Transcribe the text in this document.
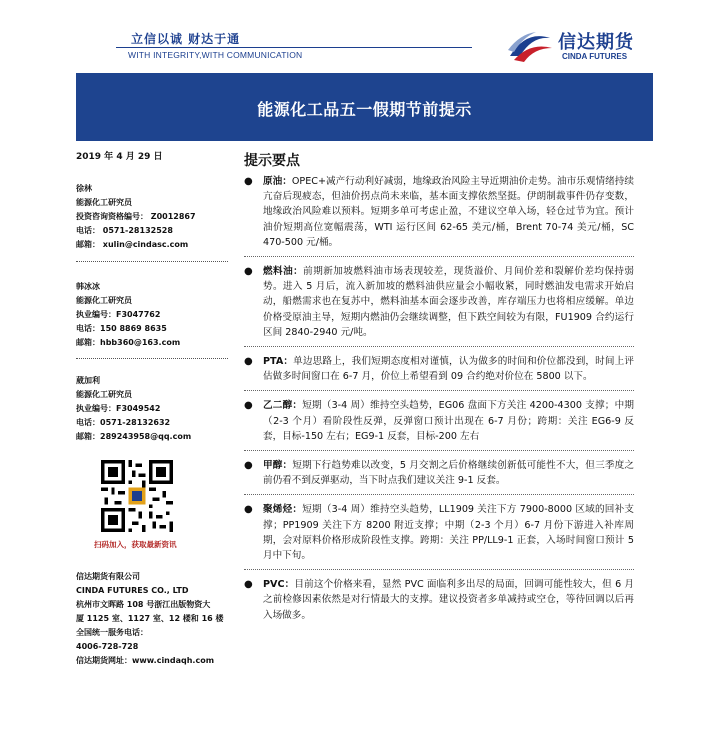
立信以诚 财达于通
WITH INTEGRITY,WITH COMMUNICATION
信达期货
CINDA FUTURES
能源化工品五一假期节前提示
2019 年 4 月 29 日
徐林
能源化工研究员
投资咨询资格编号： Z0012867
电话： 0571-28132528
邮箱： xulin@cindasc.com
韩冰冰
能源化工研究员
执业编号：F3047762
电话：150 8869 8635
邮箱：hbb360@163.com
葳加利
能源化工研究员
执业编号：F3049542
电话：0571-28132632
邮箱：289243958@qq.com
扫码加入，获取最新资讯
信达期货有限公司
CINDA FUTURES CO., LTD
杭州市文晖路 108 号浙江出版物资大
厦 1125 室、1127 室、12 楼和 16 楼
全国统一服务电话：
4006-728-728
信达期货网址：www.cindaqh.com
提示要点
●	原油：OPEC+减产行动利好减弱，地缘政治风险主导近期油价走势。油市乐观情绪持续亢奋后现疲态，但油价拐点尚未来临，基本面支撑依然坚挺。伊朗制裁事件仍存变数，地缘政治风险难以预料。短期多单可考虑止盈，不建议空单入场，轻仓过节为宜。预计油价短期高位宽幅震荡，WTI 运行区间 62-65 美元/桶，Brent 70-74 美元/桶，SC 470-500 元/桶。
●	燃料油：前期新加坡燃料油市场表现较差，现货溢价、月间价差和裂解价差均保持弱势。进入 5 月后，流入新加坡的燃料油供应量会小幅收紧，同时燃油发电需求开始启动，船燃需求也在复苏中，燃料油基本面会逐步改善，库存端压力也将相应缓解。单边价格受原油主导，短期内燃油仍会继续调整，但下跌空间较为有限，FU1909 合约运行区间 2840-2940 元/吨。
●	PTA：单边思路上，我们短期态度相对谨慎，认为做多的时间和价位都没到，时间上评估做多时间窗口在 6-7 月，价位上希望看到 09 合约绝对价位在 5800 以下。
●	乙二醇：短期（3-4 周）维持空头趋势，EG06 盘面下方关注 4200-4300 支撑；中期（2-3 个月）看阶段性反弹，反弹窗口预计出现在 6-7 月份；跨期：关注 EG6-9 反套，目标-150 左右；EG9-1 反套，目标-200 左右
●	甲醇：短期下行趋势难以改变，5 月交割之后价格继续创新低可能性不大，但三季度之前仍看不到反弹驱动，当下时点我们建议关注 9-1 反套。
●	聚烯烃：短期（3-4 周）维持空头趋势，LL1909 关注下方 7900-8000 区域的回补支撑；PP1909 关注下方 8200 附近支撑；中期（2-3 个月）6-7 月份下游进入补库周期，会对原料价格形成阶段性支撑。跨期：关注 PP/LL9-1 正套，入场时间窗口预计 5 月中下旬。
●	PVC：目前这个价格来看，显然 PVC 面临利多出尽的局面，回调可能性较大，但 6 月之前检修因素依然是对行情最大的支撑。建议投资者多单减持或空仓，等待回调以后再入场做多。
